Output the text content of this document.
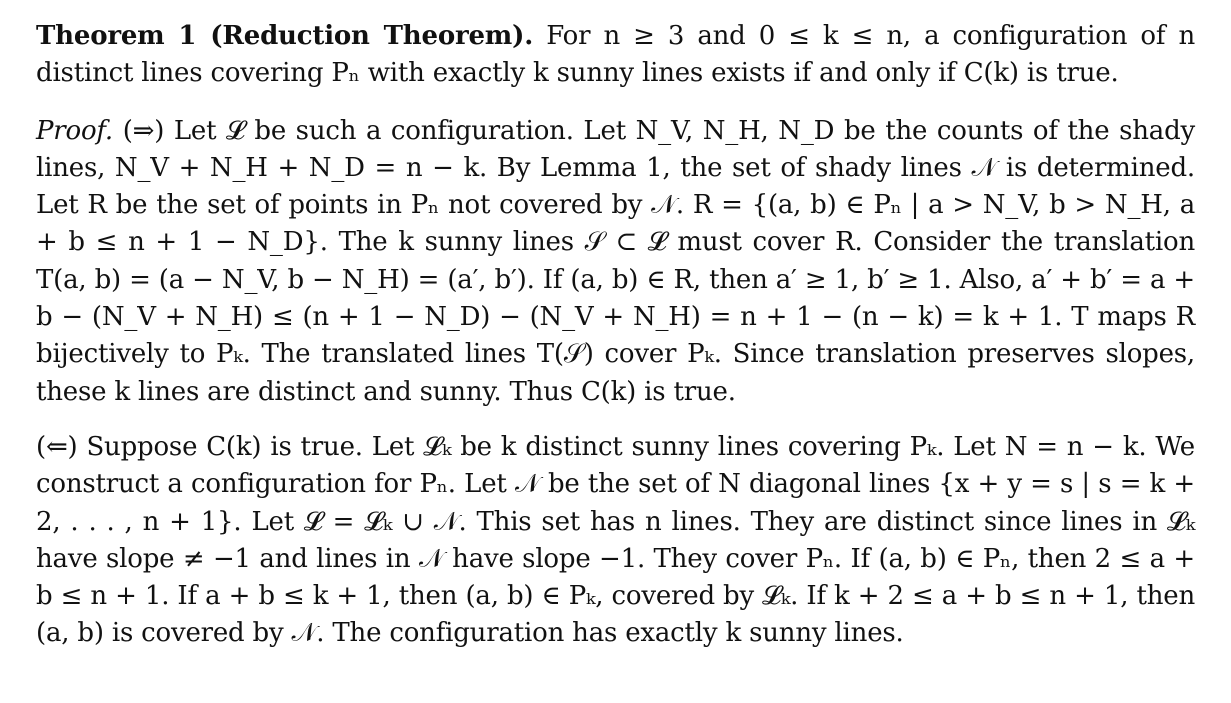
Theorem 1 (Reduction Theorem). For n ≥ 3 and 0 ≤ k ≤ n, a configuration of n distinct lines covering Pₙ with exactly k sunny lines exists if and only if C(k) is true.

Proof. (⇒) Let 𝓛 be such a configuration. Let N_V, N_H, N_D be the counts of the shady lines, N_V + N_H + N_D = n − k. By Lemma 1, the set of shady lines 𝒩 is determined. Let R be the set of points in Pₙ not covered by 𝒩. R = {(a, b) ∈ Pₙ | a > N_V, b > N_H, a + b ≤ n + 1 − N_D}. The k sunny lines 𝒮 ⊂ 𝓛 must cover R. Consider the translation T(a, b) = (a − N_V, b − N_H) = (a′, b′). If (a, b) ∈ R, then a′ ≥ 1, b′ ≥ 1. Also, a′ + b′ = a + b − (N_V + N_H) ≤ (n + 1 − N_D) − (N_V + N_H) = n + 1 − (n − k) = k + 1. T maps R bijectively to Pₖ. The translated lines T(𝒮) cover Pₖ. Since translation preserves slopes, these k lines are distinct and sunny. Thus C(k) is true.

(⇐) Suppose C(k) is true. Let 𝓛ₖ be k distinct sunny lines covering Pₖ. Let N = n − k. We construct a configuration for Pₙ. Let 𝒩 be the set of N diagonal lines {x + y = s | s = k + 2, . . . , n + 1}. Let 𝓛 = 𝓛ₖ ∪ 𝒩. This set has n lines. They are distinct since lines in 𝓛ₖ have slope ≠ −1 and lines in 𝒩 have slope −1. They cover Pₙ. If (a, b) ∈ Pₙ, then 2 ≤ a + b ≤ n + 1. If a + b ≤ k + 1, then (a, b) ∈ Pₖ, covered by 𝓛ₖ. If k + 2 ≤ a + b ≤ n + 1, then (a, b) is covered by 𝒩. The configuration has exactly k sunny lines.
